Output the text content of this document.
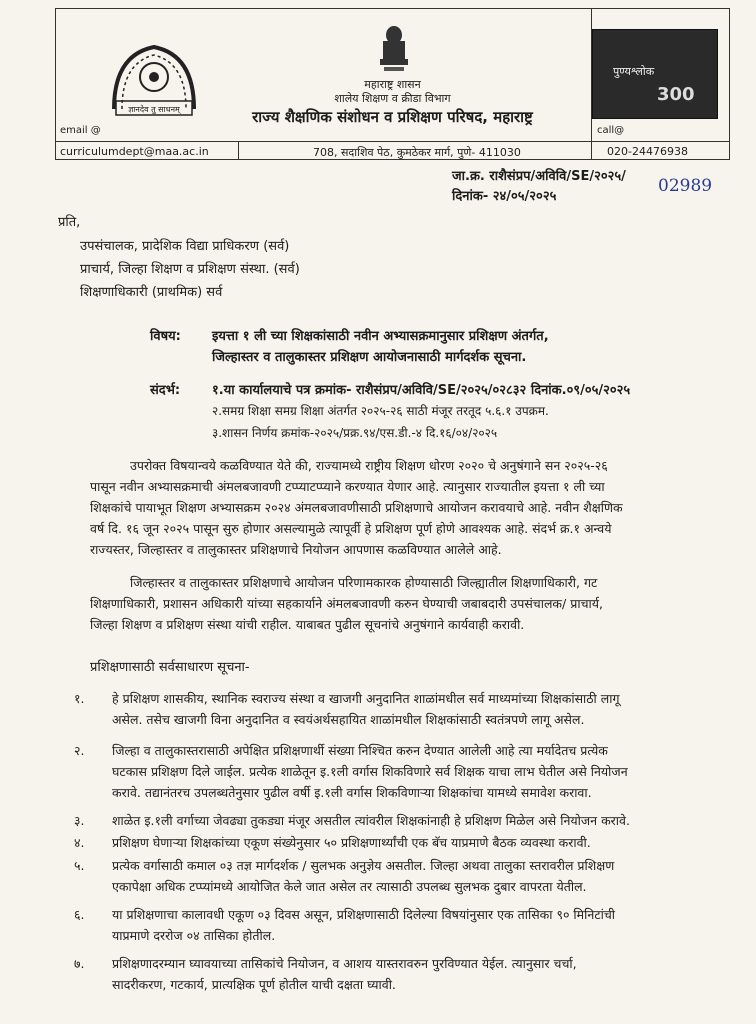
ज्ञानदेव तु साधनम्
महाराष्ट्र शासन
शालेय शिक्षण व क्रीडा विभाग
राज्य शैक्षणिक संशोधन व प्रशिक्षण परिषद, महाराष्ट्र
पुण्यश्लोक
300
email @
curriculumdept@maa.ac.in	708, सदाशिव पेठ, कुमठेकर मार्ग, पुणे- 411030
call@
020-24476938
जा.क्र. राशैसंप्रप/अविवि/SE/२०२५/
दिनांक- २४/०५/२०२५
02989
प्रति,
उपसंचालक, प्रादेशिक विद्या प्राधिकरण (सर्व)
प्राचार्य, जिल्हा शिक्षण व प्रशिक्षण संस्था. (सर्व)
शिक्षणाधिकारी (प्राथमिक) सर्व
विषय: इयत्ता १ ली च्या शिक्षकांसाठी नवीन अभ्यासक्रमानुसार प्रशिक्षण अंतर्गत,
जिल्हास्तर व तालुकास्तर प्रशिक्षण आयोजनासाठी मार्गदर्शक सूचना.
संदर्भ: १.या कार्यालयाचे पत्र क्रमांक- राशैसंप्रप/अविवि/SE/२०२५/०२८३२ दिनांक.०९/०५/२०२५
२.समग्र शिक्षा समग्र शिक्षा अंतर्गत २०२५-२६ साठी मंजूर तरतूद ५.६.१ उपक्रम.
३.शासन निर्णय क्रमांक-२०२५/प्रक्र.९४/एस.डी.-४ दि.१६/०४/२०२५
उपरोक्त विषयान्वये कळविण्यात येते की, राज्यामध्ये राष्ट्रीय शिक्षण धोरण २०२० चे अनुषंगाने सन २०२५-२६
पासून नवीन अभ्यासक्रमाची अंमलबजावणी टप्प्याटप्प्याने करण्यात येणार आहे. त्यानुसार राज्यातील इयत्ता १ ली च्या
शिक्षकांचे पायाभूत शिक्षण अभ्यासक्रम २०२४ अंमलबजावणीसाठी प्रशिक्षणाचे आयोजन करावयाचे आहे. नवीन शैक्षणिक
वर्ष दि. १६ जून २०२५ पासून सुरु होणार असल्यामुळे त्यापूर्वी हे प्रशिक्षण पूर्ण होणे आवश्यक आहे. संदर्भ क्र.१ अन्वये
राज्यस्तर, जिल्हास्तर व तालुकास्तर प्रशिक्षणाचे नियोजन आपणास कळविण्यात आलेले आहे.
जिल्हास्तर व तालुकास्तर प्रशिक्षणाचे आयोजन परिणामकारक होण्यासाठी जिल्ह्यातील शिक्षणाधिकारी, गट
शिक्षणाधिकारी, प्रशासन अधिकारी यांच्या सहकार्याने अंमलबजावणी करुन घेण्याची जबाबदारी उपसंचालक/ प्राचार्य,
जिल्हा शिक्षण व प्रशिक्षण संस्था यांची राहील. याबाबत पुढील सूचनांचे अनुषंगाने कार्यवाही करावी.
प्रशिक्षणासाठी सर्वसाधारण सूचना-
१. हे प्रशिक्षण शासकीय, स्थानिक स्वराज्य संस्था व खाजगी अनुदानित शाळांमधील सर्व माध्यमांच्या शिक्षकांसाठी लागू
असेल. तसेच खाजगी विना अनुदानित व स्वयंअर्थसहायित शाळांमधील शिक्षकांसाठी स्वतंत्रपणे लागू असेल.
२. जिल्हा व तालुकास्तरासाठी अपेक्षित प्रशिक्षणार्थी संख्या निश्चित करुन देण्यात आलेली आहे त्या मर्यादेतच प्रत्येक
घटकास प्रशिक्षण दिले जाईल. प्रत्येक शाळेतून इ.१ली वर्गास शिकविणारे सर्व शिक्षक याचा लाभ घेतील असे नियोजन
करावे. तद्यानंतरच उपलब्धतेनुसार पुढील वर्षी इ.१ली वर्गास शिकविणाऱ्या शिक्षकांचा यामध्ये समावेश करावा.
३. शाळेत इ.१ली वर्गाच्या जेवढ्या तुकड्या मंजूर असतील त्यांवरील शिक्षकांनाही हे प्रशिक्षण मिळेल असे नियोजन करावे.
४. प्रशिक्षण घेणाऱ्या शिक्षकांच्या एकूण संख्येनुसार ५० प्रशिक्षणार्थ्यांची एक बॅच याप्रमाणे बैठक व्यवस्था करावी.
५. प्रत्येक वर्गासाठी कमाल ०३ तज्ञ मार्गदर्शक / सुलभक अनुज्ञेय असतील. जिल्हा अथवा तालुका स्तरावरील प्रशिक्षण
एकापेक्षा अधिक टप्प्यांमध्ये आयोजित केले जात असेल तर त्यासाठी उपलब्ध सुलभक दुबार वापरता येतील.
६. या प्रशिक्षणाचा कालावधी एकूण ०३ दिवस असून, प्रशिक्षणासाठी दिलेल्या विषयांनुसार एक तासिका ९० मिनिटांची
याप्रमाणे दररोज ०४ तासिका होतील.
७. प्रशिक्षणादरम्यान घ्यावयाच्या तासिकांचे नियोजन, व आशय यास्तरावरुन पुरविण्यात येईल. त्यानुसार चर्चा,
सादरीकरण, गटकार्य, प्रात्यक्षिक पूर्ण होतील याची दक्षता घ्यावी.
